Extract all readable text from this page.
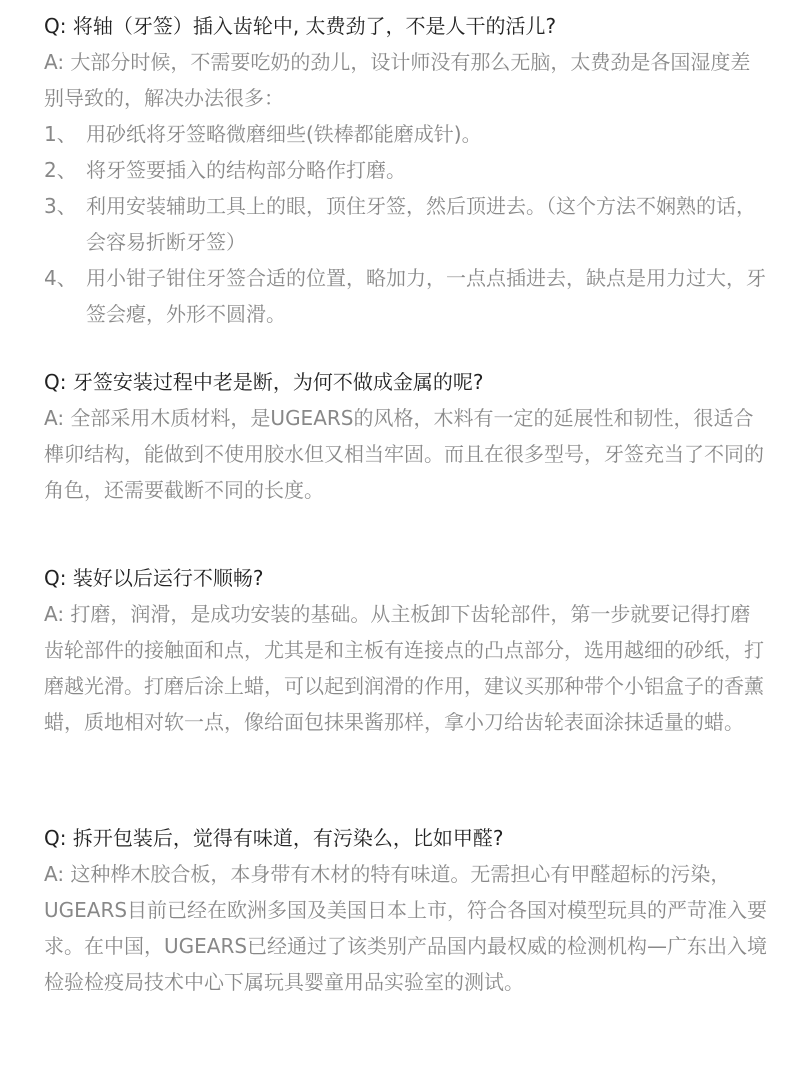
Q: 将轴（牙签）插入齿轮中, 太费劲了，不是人干的活儿?

A: 大部分时候，不需要吃奶的劲儿，设计师没有那么无脑，太费劲是各国湿度差别导致的，解决办法很多：
1、 用砂纸将牙签略微磨细些(铁棒都能磨成针)。
2、 将牙签要插入的结构部分略作打磨。
3、 利用安装辅助工具上的眼，顶住牙签，然后顶进去。（这个方法不娴熟的话，会容易折断牙签）
4、 用小钳子钳住牙签合适的位置，略加力，一点点插进去，缺点是用力过大，牙签会瘪，外形不圆滑。

Q: 牙签安装过程中老是断，为何不做成金属的呢?

A: 全部采用木质材料，是UGEARS的风格，木料有一定的延展性和韧性，很适合榫卯结构，能做到不使用胶水但又相当牢固。而且在很多型号，牙签充当了不同的角色，还需要截断不同的长度。

Q: 装好以后运行不顺畅?

A: 打磨，润滑，是成功安装的基础。从主板卸下齿轮部件，第一步就要记得打磨齿轮部件的接触面和点，尤其是和主板有连接点的凸点部分，选用越细的砂纸，打磨越光滑。打磨后涂上蜡，可以起到润滑的作用，建议买那种带个小铝盒子的香薰蜡，质地相对软一点，像给面包抹果酱那样，拿小刀给齿轮表面涂抹适量的蜡。

Q: 拆开包装后，觉得有味道，有污染么，比如甲醛?

A: 这种桦木胶合板，本身带有木材的特有味道。无需担心有甲醛超标的污染，UGEARS目前已经在欧洲多国及美国日本上市，符合各国对模型玩具的严苛准入要求。在中国，UGEARS已经通过了该类别产品国内最权威的检测机构—广东出入境检验检疫局技术中心下属玩具婴童用品实验室的测试。
